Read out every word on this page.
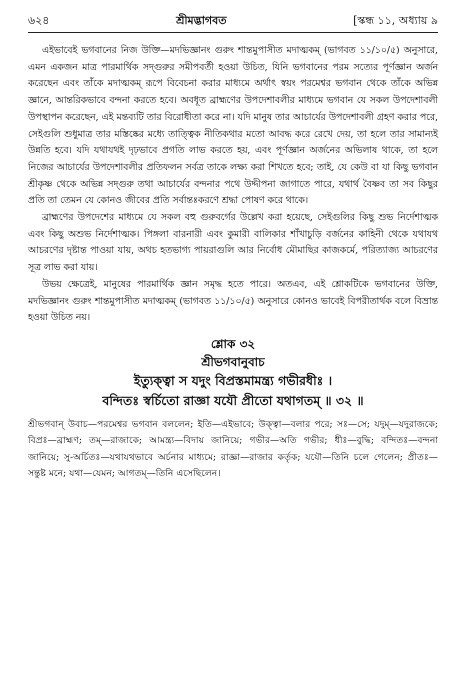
৬২৪	শ্রীমদ্ভাগবত	[স্কন্ধ ১১, অধ্যায় ৯

এইভাবেই ভগবানের নিজ উক্তি—মদভিজ্ঞানং গুরুং শান্তমুপাসীত মদাত্মকম্ (ভাগবত ১১/১০/৫) অনুসারে, এমন একজন মাত্র পারমার্থিক সদ্গুরুর সমীপবর্তী হওয়া উচিত, যিনি ভগবানের পরম সত্যের পূর্ণজ্ঞান অর্জন করেছেন এবং তাঁকে মদাত্মকম্ রূপে বিবেচনা করার মাধ্যমে অর্থাৎ স্বয়ং পরমেশ্বর ভগবান থেকে তাঁকে অভিন্ন জ্ঞানে, আন্তরিকভাবে বন্দনা করতে হবে। অবধূত ব্রাহ্মণের উপদেশাবলীর মাধ্যমে ভগবান যে সকল উপদেশাবলী উপস্থাপন করেছেন, এই মন্তব্যটি তার বিরোধীতা করে না। যদি মানুষ তার আচার্যের উপদেশাবলী গ্রহণ করার পরে, সেইগুলি শুধুমাত্র তার মস্তিষ্কের মধ্যে তাত্ত্বিক নীতিকথার মতো আবদ্ধ করে রেখে দেয়, তা হলে তার সামান্যই উন্নতি হবে। যদি যথাযথই দৃঢ়ভাবে প্রগতি লাভ করতে হয়, এবং পূর্ণজ্ঞান অর্জনের অভিলাষ থাকে, তা হলে নিজের আচার্যের উপদেশাবলীর প্রতিফলন সর্বত্র তাকে লক্ষ্য করা শিখতে হবে; তাই, যে কেউ বা যা কিছু ভগবান শ্রীকৃষ্ণ থেকে অভিন্ন সদ্গুরু তথা আচার্যের বন্দনার পথে উদ্দীপনা জাগাতে পারে, যথার্থ বৈষ্ণব তা সব কিছুর প্রতি তা তেমন যে কোনও জীবের প্রতি সর্বান্তঃকরণে শ্রদ্ধা পোষণ করে থাকে।

ব্রাহ্মণের উপদেশের মাধ্যমে যে সকল বহু গুরুবর্গের উল্লেখ করা হয়েছে, সেইগুলির কিছু শুভ নির্দেশাত্মক এবং কিছু অশুভ নির্দেশাত্মক। পিঙ্গলা বারনারী এবং কুমারী বালিকার শাঁখাচুড়ি বর্জনের কাহিনী থেকে যথাযথ আচরণের দৃষ্টান্ত পাওয়া যায়, অথচ হতভাগ্য পায়রাগুলি আর নির্বোধ মৌমাছির কাজকর্মে, পরিত্যাজ্য আচরণের সূত্র লাভ করা যায়।

উভয় ক্ষেত্রেই, মানুষের পারমার্থিক জ্ঞান সমৃদ্ধ হতে পারে। অতএব, এই শ্লোকটিকে ভগবানের উক্তি, মদভিজ্ঞানং গুরুং শান্তমুপাসীত মদাত্মকম্ (ভাগবত ১১/১০/৫) অনুসারে কোনও ভাবেই বিপরীতার্থক বলে বিভ্রান্ত হওয়া উচিত নয়।

শ্লোক ৩২
শ্রীভগবানুবাচ
ইত্যুক্ত্বা স যদুং বিপ্রস্তমামন্ত্র্য গভীরধীঃ ।
বন্দিতঃ স্বর্চিতো রাজ্ঞা যযৌ প্রীতো যথাগতম্ ॥ ৩২ ॥

শ্রীভগবান্ উবাচ—পরমেশ্বর ভগবান বললেন; ইতি—এইভাবে; উক্ত্বা—বলার পরে; সঃ—সে; যদুম্—যদুরাজকে; বিপ্রঃ—ব্রাহ্মণ; তম্—রাজাকে; আমন্ত্র্য—বিদায় জানিয়ে; গভীর—অতি গভীর; ধীঃ—বুদ্ধি; বন্দিতঃ—বন্দনা জানিয়ে; সু-অর্চিতঃ—যথাযথভাবে অর্চনার মাধ্যমে; রাজ্ঞা—রাজার কর্তৃক; যযৌ—তিনি চলে গেলেন; প্রীতঃ—সন্তুষ্ট মনে; যথা—যেমন; আগতম্—তিনি এসেছিলেন।
